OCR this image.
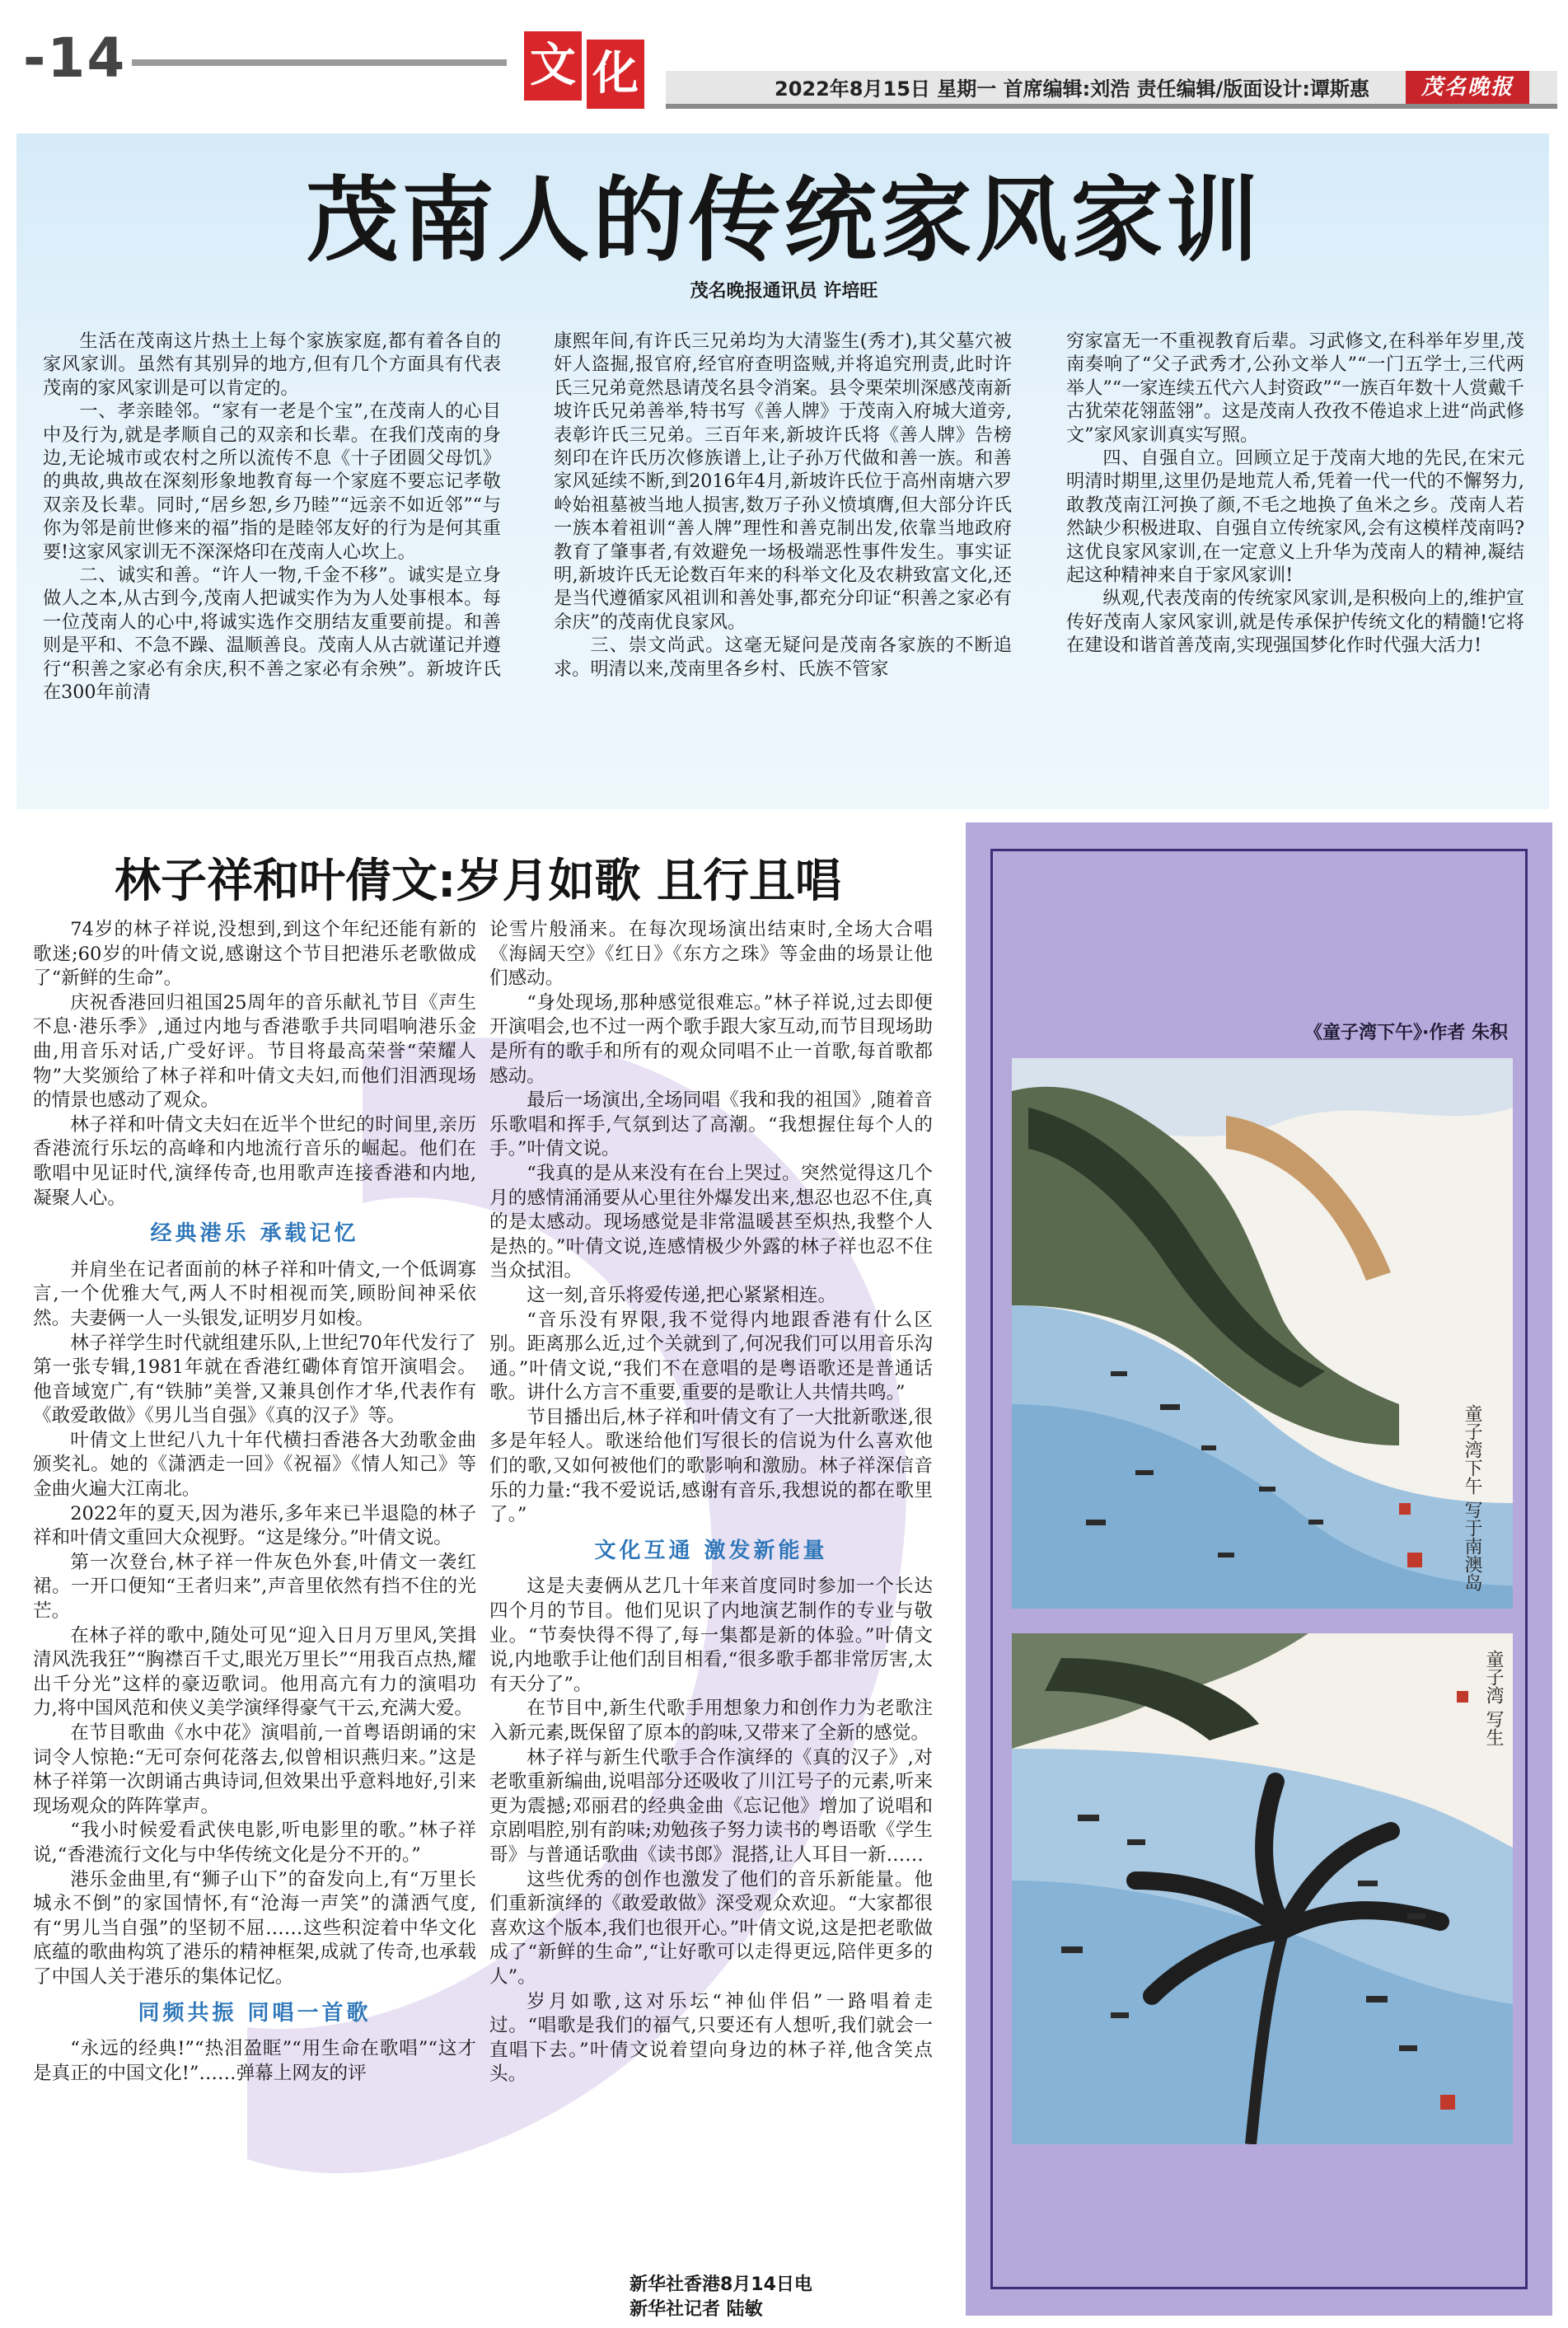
-14	文 化	2022年8月15日 星期一 首席编辑:刘浩 责任编辑/版面设计:谭斯惠	茂名晚报
茂南人的传统家风家训
茂名晚报通讯员 许培旺

生活在茂南这片热土上每个家族家庭,都有着各自的家风家训。虽然有其别异的地方,但有几个方面具有代表茂南的家风家训是可以肯定的。

一、孝亲睦邻。“家有一老是个宝”,在茂南人的心目中及行为,就是孝顺自己的双亲和长辈。在我们茂南的身边,无论城市或农村之所以流传不息《十子团圆父母饥》的典故,典故在深刻形象地教育每一个家庭不要忘记孝敬双亲及长辈。同时,“居乡恕,乡乃睦”“远亲不如近邻”“与你为邻是前世修来的福”指的是睦邻友好的行为是何其重要!这家风家训无不深深烙印在茂南人心坎上。

二、诚实和善。“许人一物,千金不移”。诚实是立身做人之本,从古到今,茂南人把诚实作为为人处事根本。每一位茂南人的心中,将诚实选作交朋结友重要前提。和善则是平和、不急不躁、温顺善良。茂南人从古就谨记并遵行“积善之家必有余庆,积不善之家必有余殃”。新坡许氏在300年前清

康熙年间,有许氏三兄弟均为大清鉴生(秀才),其父墓穴被奸人盗掘,报官府,经官府查明盗贼,并将追究刑责,此时许氏三兄弟竟然恳请茂名县令消案。县令栗荣圳深感茂南新坡许氏兄弟善举,特书写《善人牌》于茂南入府城大道旁,表彰许氏三兄弟。三百年来,新坡许氏将《善人牌》告榜刻印在许氏历次修族谱上,让子孙万代做和善一族。和善家风延续不断,到2016年4月,新坡许氏位于高州南塘六罗岭始祖墓被当地人损害,数万子孙义愤填膺,但大部分许氏一族本着祖训“善人牌”理性和善克制出发,依靠当地政府教育了肇事者,有效避免一场极端恶性事件发生。事实证明,新坡许氏无论数百年来的科举文化及农耕致富文化,还是当代遵循家风祖训和善处事,都充分印证“积善之家必有余庆”的茂南优良家风。

三、崇文尚武。这毫无疑问是茂南各家族的不断追求。明清以来,茂南里各乡村、氏族不管家

穷家富无一不重视教育后辈。习武修文,在科举年岁里,茂南奏响了“父子武秀才,公孙文举人”“一门五学士,三代两举人”“一家连续五代六人封资政”“一族百年数十人赏戴千古犹荣花翎蓝翎”。这是茂南人孜孜不倦追求上进“尚武修文”家风家训真实写照。

四、自强自立。回顾立足于茂南大地的先民,在宋元明清时期里,这里仍是地荒人希,凭着一代一代的不懈努力,敢教茂南江河换了颜,不毛之地换了鱼米之乡。茂南人若然缺少积极进取、自强自立传统家风,会有这模样茂南吗?这优良家风家训,在一定意义上升华为茂南人的精神,凝结起这种精神来自于家风家训!

纵观,代表茂南的传统家风家训,是积极向上的,维护宣传好茂南人家风家训,就是传承保护传统文化的精髓!它将在建设和谐首善茂南,实现强国梦化作时代强大活力!

林子祥和叶倩文:岁月如歌 且行且唱

74岁的林子祥说,没想到,到这个年纪还能有新的歌迷;60岁的叶倩文说,感谢这个节目把港乐老歌做成了“新鲜的生命”。

庆祝香港回归祖国25周年的音乐献礼节目《声生不息·港乐季》,通过内地与香港歌手共同唱响港乐金曲,用音乐对话,广受好评。节目将最高荣誉“荣耀人物”大奖颁给了林子祥和叶倩文夫妇,而他们泪洒现场的情景也感动了观众。

林子祥和叶倩文夫妇在近半个世纪的时间里,亲历香港流行乐坛的高峰和内地流行音乐的崛起。他们在歌唱中见证时代,演绎传奇,也用歌声连接香港和内地,凝聚人心。

经典港乐 承载记忆

并肩坐在记者面前的林子祥和叶倩文,一个低调寡言,一个优雅大气,两人不时相视而笑,顾盼间神采依然。夫妻俩一人一头银发,证明岁月如梭。

林子祥学生时代就组建乐队,上世纪70年代发行了第一张专辑,1981年就在香港红磡体育馆开演唱会。他音域宽广,有“铁肺”美誉,又兼具创作才华,代表作有《敢爱敢做》《男儿当自强》《真的汉子》等。

叶倩文上世纪八九十年代横扫香港各大劲歌金曲颁奖礼。她的《潇洒走一回》《祝福》《情人知己》等金曲火遍大江南北。

2022年的夏天,因为港乐,多年来已半退隐的林子祥和叶倩文重回大众视野。“这是缘分。”叶倩文说。

第一次登台,林子祥一件灰色外套,叶倩文一袭红裙。一开口便知“王者归来”,声音里依然有挡不住的光芒。

在林子祥的歌中,随处可见“迎入日月万里风,笑揖清风洗我狂”“胸襟百千丈,眼光万里长”“用我百点热,耀出千分光”这样的豪迈歌词。他用高亢有力的演唱功力,将中国风范和侠义美学演绎得豪气干云,充满大爱。

在节目歌曲《水中花》演唱前,一首粤语朗诵的宋词令人惊艳:“无可奈何花落去,似曾相识燕归来。”这是林子祥第一次朗诵古典诗词,但效果出乎意料地好,引来现场观众的阵阵掌声。

“我小时候爱看武侠电影,听电影里的歌。”林子祥说,“香港流行文化与中华传统文化是分不开的。”

港乐金曲里,有“狮子山下”的奋发向上,有“万里长城永不倒”的家国情怀,有“沧海一声笑”的潇洒气度,有“男儿当自强”的坚韧不屈……这些积淀着中华文化底蕴的歌曲构筑了港乐的精神框架,成就了传奇,也承载了中国人关于港乐的集体记忆。

同频共振 同唱一首歌

“永远的经典!”“热泪盈眶”“用生命在歌唱”“这才是真正的中国文化!”……弹幕上网友的评

论雪片般涌来。在每次现场演出结束时,全场大合唱《海阔天空》《红日》《东方之珠》等金曲的场景让他们感动。

“身处现场,那种感觉很难忘。”林子祥说,过去即便开演唱会,也不过一两个歌手跟大家互动,而节目现场助是所有的歌手和所有的观众同唱不止一首歌,每首歌都感动。

最后一场演出,全场同唱《我和我的祖国》,随着音乐歌唱和挥手,气氛到达了高潮。“我想握住每个人的手。”叶倩文说。

“我真的是从来没有在台上哭过。突然觉得这几个月的感情涌涌要从心里往外爆发出来,想忍也忍不住,真的是太感动。现场感觉是非常温暖甚至炽热,我整个人是热的。”叶倩文说,连感情极少外露的林子祥也忍不住当众拭泪。

这一刻,音乐将爱传递,把心紧紧相连。

“音乐没有界限,我不觉得内地跟香港有什么区别。距离那么近,过个关就到了,何况我们可以用音乐沟通。”叶倩文说,“我们不在意唱的是粤语歌还是普通话歌。讲什么方言不重要,重要的是歌让人共情共鸣。”

节目播出后,林子祥和叶倩文有了一大批新歌迷,很多是年轻人。歌迷给他们写很长的信说为什么喜欢他们的歌,又如何被他们的歌影响和激励。林子祥深信音乐的力量:“我不爱说话,感谢有音乐,我想说的都在歌里了。”

文化互通 激发新能量

这是夫妻俩从艺几十年来首度同时参加一个长达四个月的节目。他们见识了内地演艺制作的专业与敬业。“节奏快得不得了,每一集都是新的体验。”叶倩文说,内地歌手让他们刮目相看,“很多歌手都非常厉害,太有天分了”。

在节目中,新生代歌手用想象力和创作力为老歌注入新元素,既保留了原本的韵味,又带来了全新的感觉。

林子祥与新生代歌手合作演绎的《真的汉子》,对老歌重新编曲,说唱部分还吸收了川江号子的元素,听来更为震撼;邓丽君的经典金曲《忘记他》增加了说唱和京剧唱腔,别有韵味;劝勉孩子努力读书的粤语歌《学生哥》与普通话歌曲《读书郎》混搭,让人耳目一新……

这些优秀的创作也激发了他们的音乐新能量。他们重新演绎的《敢爱敢做》深受观众欢迎。“大家都很喜欢这个版本,我们也很开心。”叶倩文说,这是把老歌做成了“新鲜的生命”,“让好歌可以走得更远,陪伴更多的人”。

岁月如歌,这对乐坛“神仙伴侣”一路唱着走过。“唱歌是我们的福气,只要还有人想听,我们就会一直唱下去。”叶倩文说着望向身边的林子祥,他含笑点头。

新华社香港8月14日电
新华社记者 陆敏
《童子湾下午》·作者 朱积
童子湾下午 写于南澳岛
童子湾 写生
